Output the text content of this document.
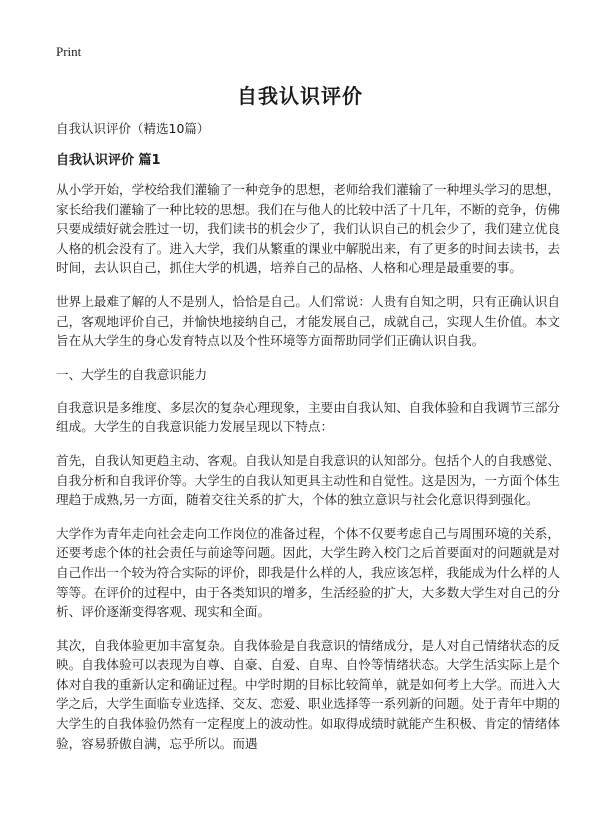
Print
自我认识评价

自我认识评价（精选10篇）

自我认识评价 篇1

从小学开始，学校给我们灌输了一种竞争的思想，老师给我们灌输了一种埋头学习的思想，家长给我们灌输了一种比较的思想。我们在与他人的比较中活了十几年，不断的竞争，仿佛只要成绩好就会胜过一切，我们读书的机会少了，我们认识自己的机会少了，我们建立优良人格的机会没有了。进入大学，我们从繁重的课业中解脱出来，有了更多的时间去读书，去时间，去认识自己，抓住大学的机遇，培养自己的品格、人格和心理是最重要的事。

世界上最难了解的人不是别人，恰恰是自己。人们常说：人贵有自知之明，只有正确认识自己，客观地评价自己，并愉快地接纳自己，才能发展自己，成就自己，实现人生价值。本文旨在从大学生的身心发育特点以及个性环境等方面帮助同学们正确认识自我。

一、大学生的自我意识能力

自我意识是多维度、多层次的复杂心理现象，主要由自我认知、自我体验和自我调节三部分组成。大学生的自我意识能力发展呈现以下特点：

首先，自我认知更趋主动、客观。自我认知是自我意识的认知部分。包括个人的自我感觉、自我分析和自我评价等。大学生的自我认知更具主动性和自觉性。这是因为，一方面个体生理趋于成熟,另一方面，随着交往关系的扩大，个体的独立意识与社会化意识得到强化。

大学作为青年走向社会走向工作岗位的准备过程，个体不仅要考虑自己与周围环境的关系，还要考虑个体的社会责任与前途等问题。因此，大学生跨入校门之后首要面对的问题就是对自己作出一个较为符合实际的评价，即我是什么样的人，我应该怎样，我能成为什么样的人等等。在评价的过程中，由于各类知识的增多，生活经验的扩大，大多数大学生对自己的分析、评价逐渐变得客观、现实和全面。

其次，自我体验更加丰富复杂。自我体验是自我意识的情绪成分，是人对自己情绪状态的反映。自我体验可以表现为自尊、自豪、自爱、自卑、自怜等情绪状态。大学生活实际上是个体对自我的重新认定和确证过程。中学时期的目标比较简单，就是如何考上大学。而进入大学之后，大学生面临专业选择、交友、恋爱、职业选择等一系列新的问题。处于青年中期的大学生的自我体验仍然有一定程度上的波动性。如取得成绩时就能产生积极、肯定的情绪体验，容易骄傲自满，忘乎所以。而遇
